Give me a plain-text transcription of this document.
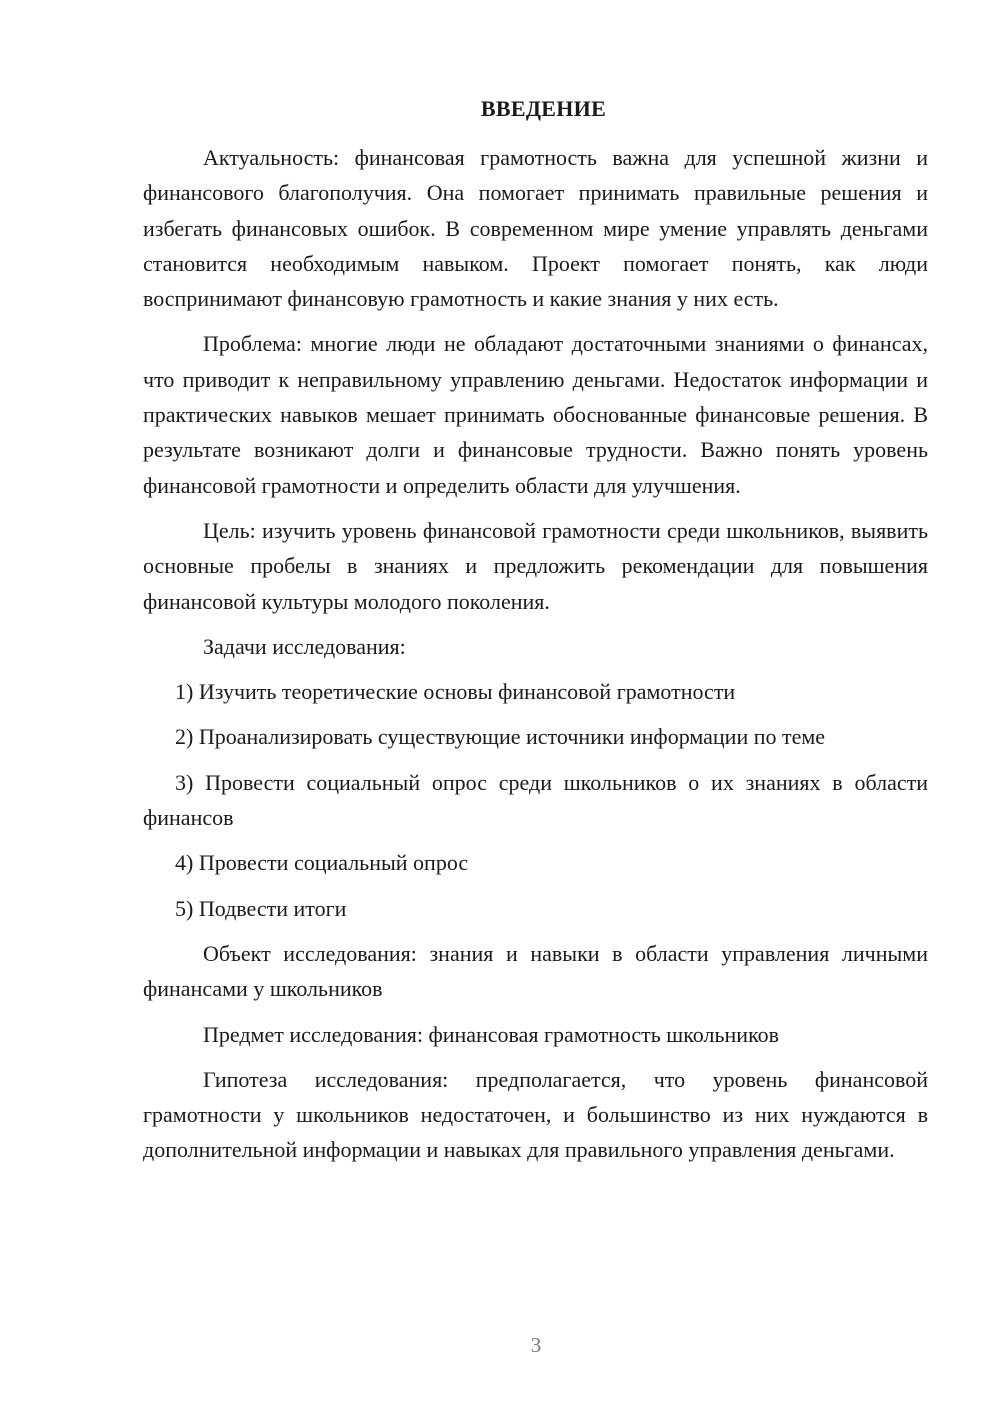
ВВЕДЕНИЕ

Актуальность: финансовая грамотность важна для успешной жизни и финансового благополучия. Она помогает принимать правильные решения и избегать финансовых ошибок. В современном мире умение управлять деньгами становится необходимым навыком. Проект помогает понять, как люди воспринимают финансовую грамотность и какие знания у них есть.

Проблема: многие люди не обладают достаточными знаниями о финансах, что приводит к неправильному управлению деньгами. Недостаток информации и практических навыков мешает принимать обоснованные финансовые решения. В результате возникают долги и финансовые трудности. Важно понять уровень финансовой грамотности и определить области для улучшения.

Цель: изучить уровень финансовой грамотности среди школьников, выявить основные пробелы в знаниях и предложить рекомендации для повышения финансовой культуры молодого поколения.

Задачи исследования:

1) Изучить теоретические основы финансовой грамотности

2) Проанализировать существующие источники информации по теме

3) Провести социальный опрос среди школьников о их знаниях в области финансов

4) Провести социальный опрос

5) Подвести итоги

Объект исследования: знания и навыки в области управления личными финансами у школьников

Предмет исследования: финансовая грамотность школьников

Гипотеза исследования: предполагается, что уровень финансовой грамотности у школьников недостаточен, и большинство из них нуждаются в дополнительной информации и навыках для правильного управления деньгами.

3
